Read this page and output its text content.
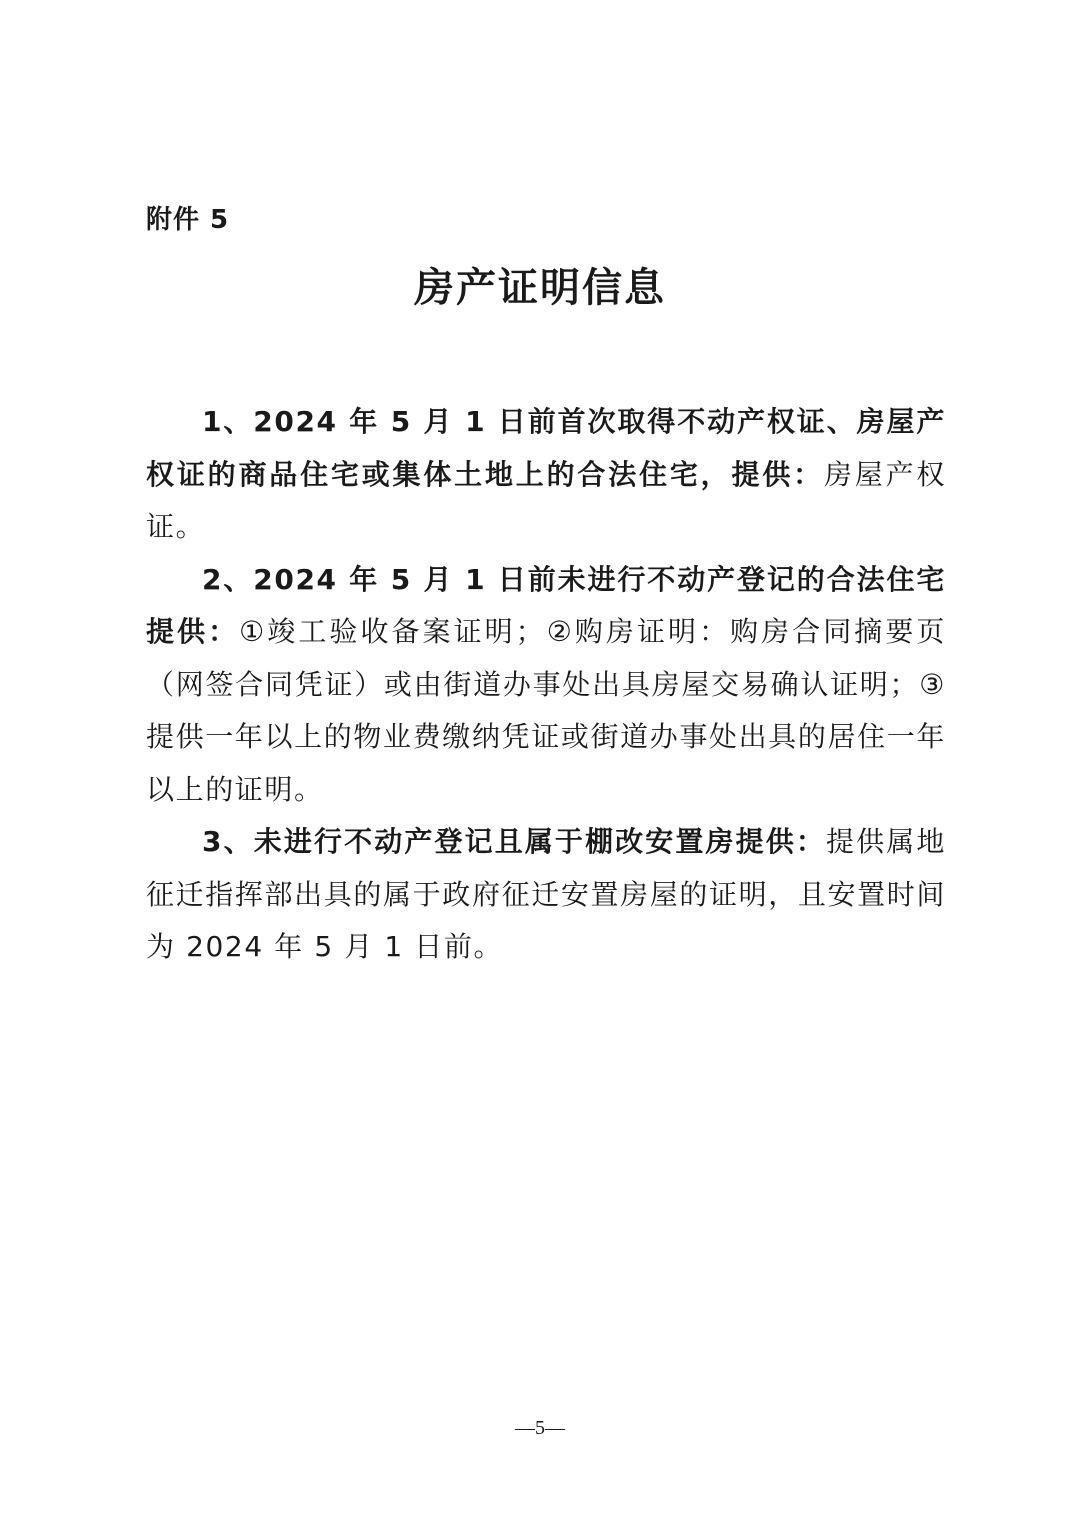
附件 5
房产证明信息

1、2024 年 5 月 1 日前首次取得不动产权证、房屋产权证的商品住宅或集体土地上的合法住宅，提供：房屋产权证。

2、2024 年 5 月 1 日前未进行不动产登记的合法住宅提供：①竣工验收备案证明；②购房证明：购房合同摘要页（网签合同凭证）或由街道办事处出具房屋交易确认证明；③提供一年以上的物业费缴纳凭证或街道办事处出具的居住一年以上的证明。

3、未进行不动产登记且属于棚改安置房提供：提供属地征迁指挥部出具的属于政府征迁安置房屋的证明，且安置时间为 2024 年 5 月 1 日前。

—5—
